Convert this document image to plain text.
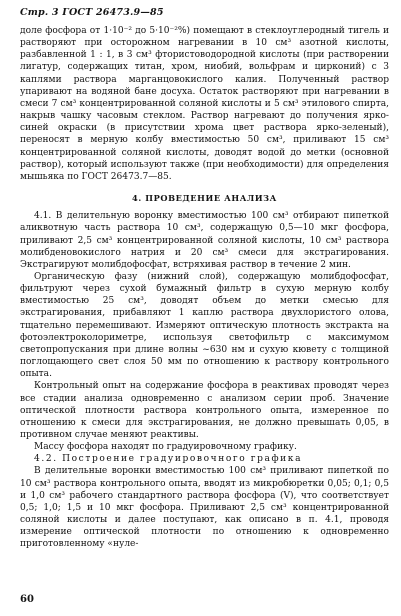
Стр. 3 ГОСТ 26473.9—85

доле фосфора от 1·10⁻² до 5·10⁻²%) помещают в стеклоуглеродный тигель и растворяют при осторожном нагревании в 10 см³ азотной кислоты, разбавленной 1 : 1, в 3 см³ фтористоводородной кислоты (при растворении лигатур, содержащих титан, хром, ниобий, вольфрам и цирконий) с 3 каплями раствора марганцовокислого калия. Полученный раствор упаривают на водяной бане досуха. Остаток растворяют при нагревании в смеси 7 см³ концентрированной соляной кислоты и 5 см³ этилового спирта, накрыв чашку часовым стеклом. Раствор нагревают до получения ярко-синей окраски (в присутствии хрома цвет раствора ярко-зеленый), переносят в мерную колбу вместимостью 50 см³, приливают 15 см³ концентрированной соляной кислоты, доводят водой до метки (основной раствор), который используют также (при необходимости) для определения мышьяка по ГОСТ 26473.7—85.

4. ПРОВЕДЕНИЕ АНАЛИЗА

4.1. В делительную воронку вместимостью 100 см³ отбирают пипеткой аликвотную часть раствора 10 см³, содержащую 0,5—10 мкг фосфора, приливают 2,5 см³ концентрированной соляной кислоты, 10 см³ раствора молибденовокислого натрия и 20 см³ смеси для экстрагирования. Экстрагируют молибдофосфат, встряхивая раствор в течение 2 мин.

Органическую фазу (нижний слой), содержащую молибдофосфат, фильтруют через сухой бумажный фильтр в сухую мерную колбу вместимостью 25 см³, доводят объем до метки смесью для экстрагирования, прибавляют 1 каплю раствора двухлористого олова, тщательно перемешивают. Измеряют оптическую плотность экстракта на фотоэлектроколориметре, используя светофильтр с максимумом светопропускания при длине волны ~630 нм и сухую кювету с толщиной поглощающего свет слоя 50 мм по отношению к раствору контрольного опыта.

Контрольный опыт на содержание фосфора в реактивах проводят через все стадии анализа одновременно с анализом серии проб. Значение оптической плотности раствора контрольного опыта, измеренное по отношению к смеси для экстрагирования, не должно превышать 0,05, в противном случае меняют реактивы.

Массу фосфора находят по градуировочному графику.

4.2. Построение градуировочного графика

В делительные воронки вместимостью 100 см³ приливают пипеткой по 10 см³ раствора контрольного опыта, вводят из микробюретки 0,05; 0,1; 0,5 и 1,0 см³ рабочего стандартного раствора фосфора (V), что соответствует 0,5; 1,0; 1,5 и 10 мкг фосфора. Приливают 2,5 см³ концентрированной соляной кислоты и далее поступают, как описано в п. 4.1, проводя измерение оптической плотности по отношению к одновременно приготовленному «нуле-

60
